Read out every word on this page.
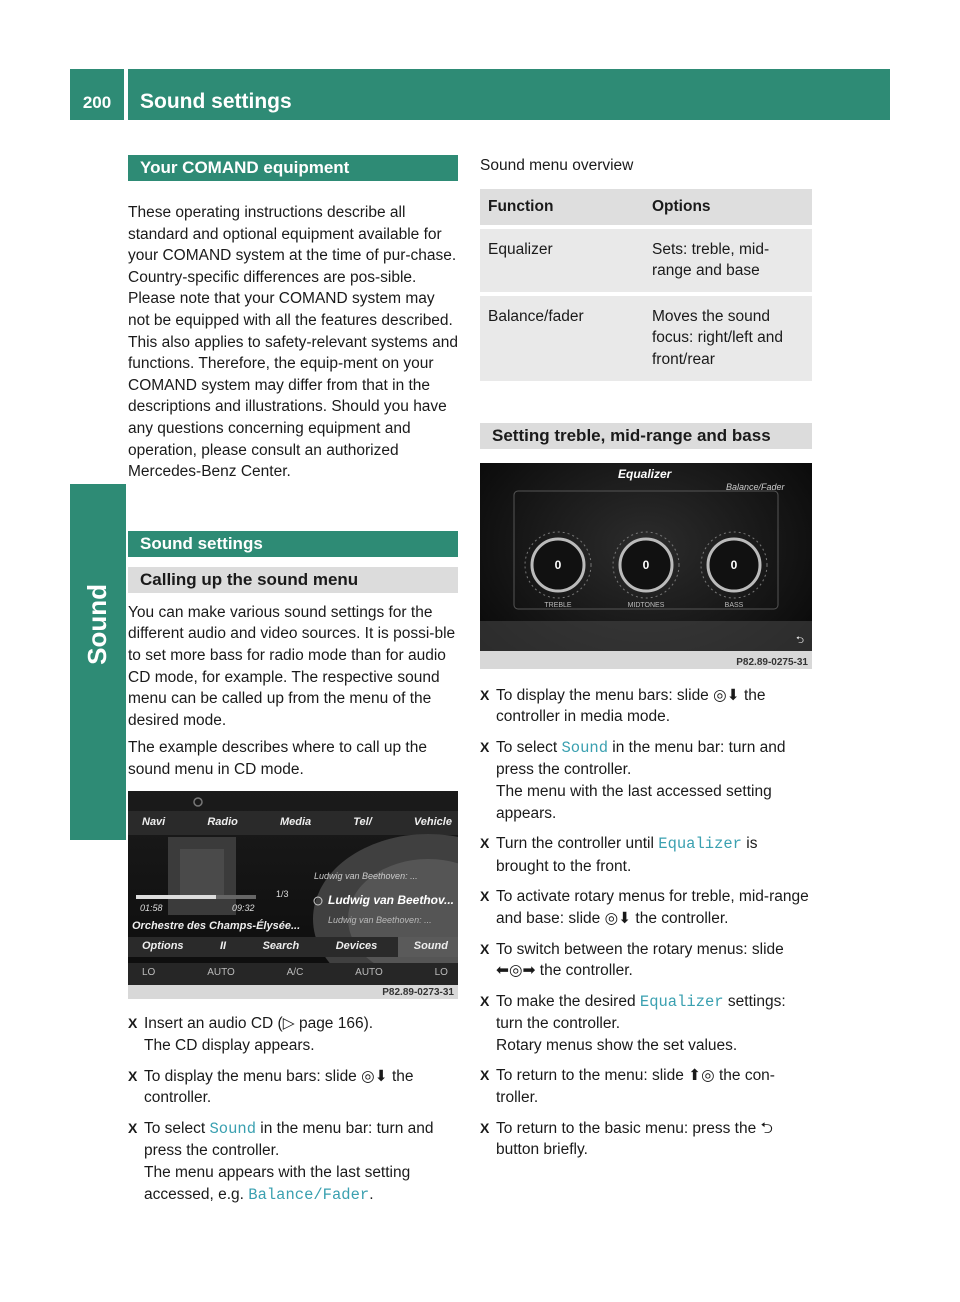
200	Sound settings
Sound
Your COMAND equipment

These operating instructions describe all standard and optional equipment available for your COMAND system at the time of pur-chase. Country-specific differences are pos-sible. Please note that your COMAND system may not be equipped with all the features described. This also applies to safety-relevant systems and functions. Therefore, the equip-ment on your COMAND system may differ from that in the descriptions and illustrations. Should you have any questions concerning equipment and operation, please consult an authorized Mercedes-Benz Center.

Sound settings
Calling up the sound menu

You can make various sound settings for the different audio and video sources. It is possi-ble to set more bass for radio mode than for audio CD mode, for example. The respective sound menu can be called up from the menu of the desired mode.

The example describes where to call up the sound menu in CD mode.

Navi	Radio	Media	Tel/	Vehicle
1/3
01:58	09:32
Orchestre des Champs-Élysée...
Ludwig van Beethoven: ...
Ludwig van Beethov...
Ludwig van Beethoven: ...
Options	II	Search	Devices	Sound
LO	AUTO	A/C	AUTO	LO
P82.89-0273-31
X Insert an audio CD (▷ page 166).
The CD display appears.
X To display the menu bars: slide ◎⬇ the controller.
X To select Sound in the menu bar: turn and press the controller.
The menu appears with the last setting accessed, e.g. Balance/Fader.

Sound menu overview

Function	Options
Equalizer	Sets: treble, mid-range and base
Balance/fader	Moves the sound focus: right/left and front/rear
Setting treble, mid-range and bass
Equalizer
Balance/Fader
0	0	0
TREBLE	MIDTONES	BASS
⮌
P82.89-0275-31
X To display the menu bars: slide ◎⬇ the controller in media mode.
X To select Sound in the menu bar: turn and press the controller.
The menu with the last accessed setting appears.
X Turn the controller until Equalizer is brought to the front.
X To activate rotary menus for treble, mid-range and base: slide ◎⬇ the controller.
X To switch between the rotary menus: slide ⬅◎➡ the controller.
X To make the desired Equalizer settings: turn the controller.
Rotary menus show the set values.
X To return to the menu: slide ⬆◎ the con-troller.
X To return to the basic menu: press the ⮌ button briefly.
